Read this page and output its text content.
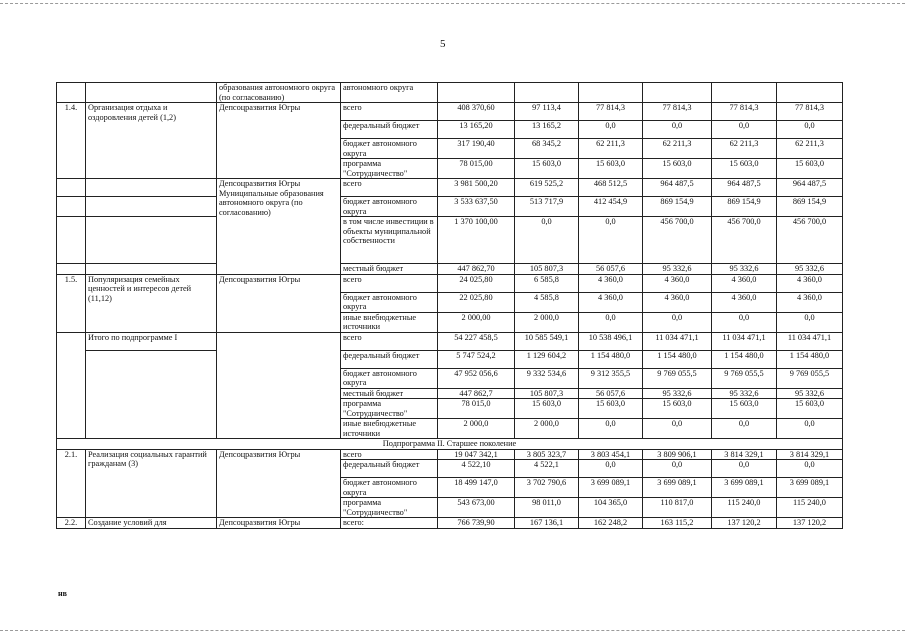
5
		образования автономного округа (по согласованию)	автономного округа						
1.4.	Организация отдыха и оздоровления детей (1,2)	Депсоцразвития Югры	всего	408 370,60	97 113,4	77 814,3	77 814,3	77 814,3	77 814,3
			федеральный бюджет	13 165,20	13 165,2	0,0	0,0	0,0	0,0
			бюджет автономного округа	317 190,40	68 345,2	62 211,3	62 211,3	62 211,3	62 211,3
			программа "Сотрудничество"	78 015,00	15 603,0	15 603,0	15 603,0	15 603,0	15 603,0
		Депсоцразвития Югры Муниципальные образования автономного округа (по согласованию)	всего	3 981 500,20	619 525,2	468 512,5	964 487,5	964 487,5	964 487,5
			бюджет автономного округа	3 533 637,50	513 717,9	412 454,9	869 154,9	869 154,9	869 154,9
			в том числе инвестиции в объекты муниципальной собственности	1 370 100,00	0,0	0,0	456 700,0	456 700,0	456 700,0
			местный бюджет	447 862,70	105 807,3	56 057,6	95 332,6	95 332,6	95 332,6
1.5.	Популяризация семейных ценностей и интересов детей (11,12)	Депсоцразвития Югры	всего	24 025,80	6 585,8	4 360,0	4 360,0	4 360,0	4 360,0
			бюджет автономного округа	22 025,80	4 585,8	4 360,0	4 360,0	4 360,0	4 360,0
			иные внебюджетные источники	2 000,00	2 000,0	0,0	0,0	0,0	0,0
	Итого по подпрограмме I		всего	54 227 458,5	10 585 549,1	10 538 496,1	11 034 471,1	11 034 471,1	11 034 471,1
			федеральный бюджет	5 747 524,2	1 129 604,2	1 154 480,0	1 154 480,0	1 154 480,0	1 154 480,0
			бюджет автономного округа	47 952 056,6	9 332 534,6	9 312 355,5	9 769 055,5	9 769 055,5	9 769 055,5
			местный бюджет	447 862,7	105 807,3	56 057,6	95 332,6	95 332,6	95 332,6
			программа "Сотрудничество"	78 015,0	15 603,0	15 603,0	15 603,0	15 603,0	15 603,0
			иные внебюджетные источники	2 000,0	2 000,0	0,0	0,0	0,0	0,0
Подпрограмма II. Старшее поколение									
2.1.	Реализация социальных гарантий гражданам (3)	Депсоцразвития Югры	всего	19 047 342,1	3 805 323,7	3 803 454,1	3 809 906,1	3 814 329,1	3 814 329,1
			федеральный бюджет	4 522,10	4 522,1	0,0	0,0	0,0	0,0
			бюджет автономного округа	18 499 147,0	3 702 790,6	3 699 089,1	3 699 089,1	3 699 089,1	3 699 089,1
			программа "Сотрудничество"	543 673,00	98 011,0	104 365,0	110 817,0	115 240,0	115 240,0
2.2.	Создание условий для	Депсоцразвития Югры	всего:	766 739,90	167 136,1	162 248,2	163 115,2	137 120,2	137 120,2
нв
